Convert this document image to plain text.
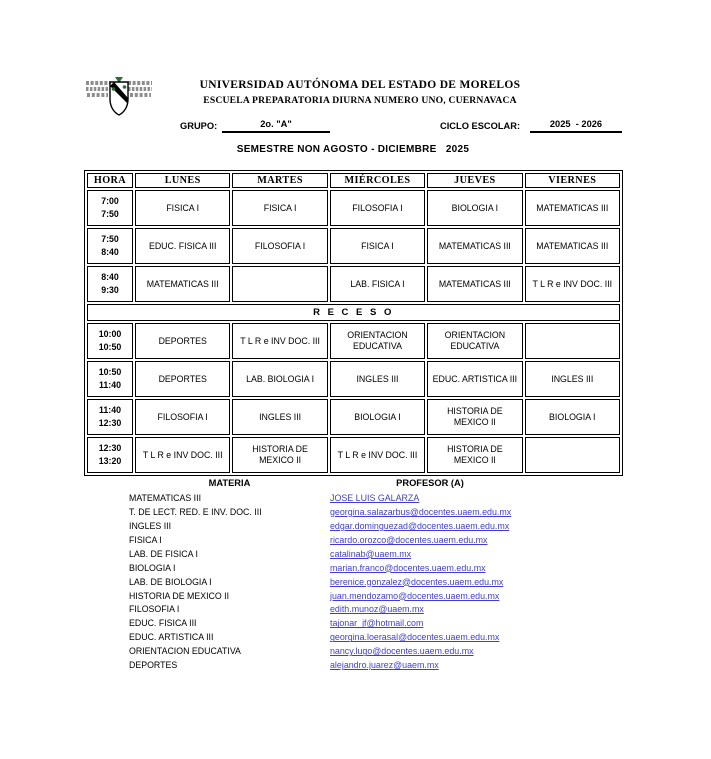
UNIVERSIDAD AUTÓNOMA DEL ESTADO DE MORELOS
ESCUELA PREPARATORIA DIURNA NUMERO UNO, CUERNAVACA
GRUPO:	2o. "A"	CICLO ESCOLAR:	2025  - 2026
SEMESTRE NON AGOSTO - DICIEMBRE   2025
HORA	LUNES	MARTES	MIÉRCOLES	JUEVES	VIERNES

7:00
7:50	FISICA I	FISICA I	FILOSOFIA I	BIOLOGIA I	MATEMATICAS III

7:50
8:40	EDUC. FISICA III	FILOSOFIA I	FISICA I	MATEMATICAS III	MATEMATICAS III

8:40
9:30	MATEMATICAS III		LAB. FISICA I	MATEMATICAS III	T L R e INV DOC. III
R E C E S O					

10:00
10:50	DEPORTES	T L R e INV DOC. III	ORIENTACION EDUCATIVA	ORIENTACION EDUCATIVA	

10:50
11:40	DEPORTES	LAB. BIOLOGIA I	INGLES III	EDUC. ARTISTICA III	INGLES III

11:40
12:30	FILOSOFIA I	INGLES III	BIOLOGIA I	HISTORIA DE MEXICO II	BIOLOGIA I

12:30
13:20	T L R e INV DOC. III	HISTORIA DE MEXICO II	T L R e INV DOC. III	HISTORIA DE MEXICO II	
MATERIA	PROFESOR (A)
MATEMATICAS III	JOSE LUIS GALARZA
T. DE LECT. RED. E INV. DOC. III	georgina.salazarbus@docentes.uaem.edu.mx
INGLES III	edgar.dominguezad@docentes.uaem.edu.mx
FISICA I	ricardo.orozco@docentes.uaem.edu.mx
LAB. DE FISICA I	catalinab@uaem.mx
BIOLOGIA I	marian.franco@docentes.uaem.edu.mx
LAB. DE BIOLOGIA I	berenice.gonzalez@docentes.uaem.edu.mx
HISTORIA DE MEXICO II	juan.mendozamo@docentes.uaem.edu.mx
FILOSOFIA I	edith.munoz@uaem.mx
EDUC. FISICA III	tajonar_jf@hotmail.com
EDUC. ARTISTICA III	georgina.loerasal@docentes.uaem.edu.mx
ORIENTACION EDUCATIVA	nancy.lugo@docentes.uaem.edu.mx
DEPORTES	alejandro.juarez@uaem.mx
